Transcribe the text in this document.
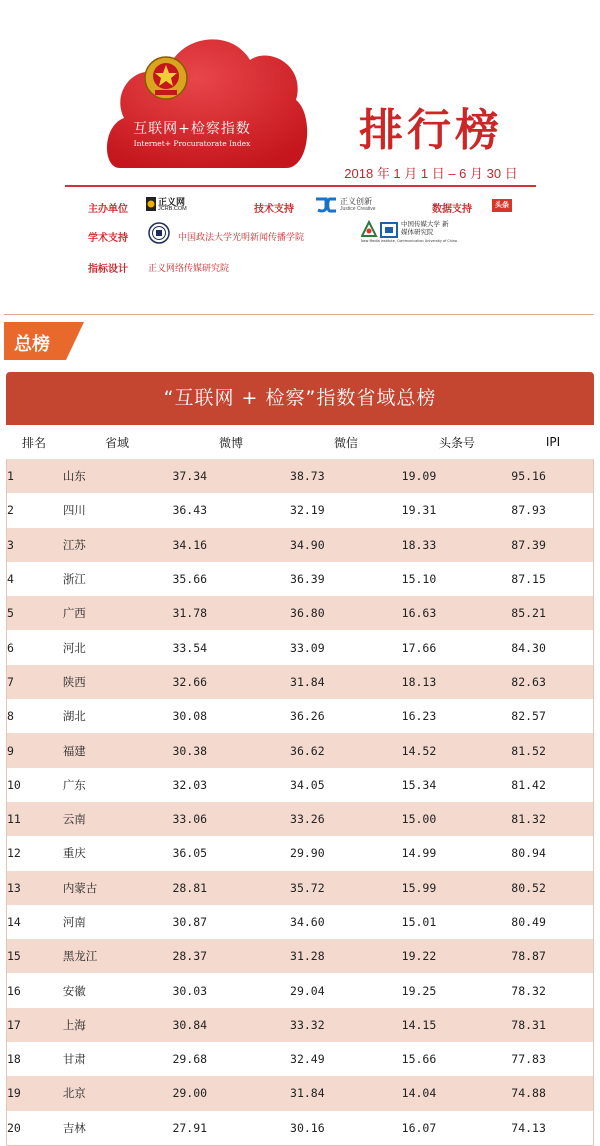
互联网+检察指数
Internet+ Procuratorate Index	排行榜
2018 年 1 月 1 日 – 6 月 30 日
主办单位
正义网
JCRB.COM	技术支持
正义创新
Justice Creative	数据支持	头条
学术支持	中国政法大学光明新闻传播学院
中国传媒大学 新媒体研究院
New Media Institute, Communication University of China
指标设计 正义网络传媒研究院
总榜
“互联网 + 检察”指数省域总榜
排名	省域	微博	微信	头条号	IPI
1	山东	37.34	38.73	19.09	95.16
2	四川	36.43	32.19	19.31	87.93
3	江苏	34.16	34.90	18.33	87.39
4	浙江	35.66	36.39	15.10	87.15
5	广西	31.78	36.80	16.63	85.21
6	河北	33.54	33.09	17.66	84.30
7	陕西	32.66	31.84	18.13	82.63
8	湖北	30.08	36.26	16.23	82.57
9	福建	30.38	36.62	14.52	81.52
10	广东	32.03	34.05	15.34	81.42
11	云南	33.06	33.26	15.00	81.32
12	重庆	36.05	29.90	14.99	80.94
13	内蒙古	28.81	35.72	15.99	80.52
14	河南	30.87	34.60	15.01	80.49
15	黑龙江	28.37	31.28	19.22	78.87
16	安徽	30.03	29.04	19.25	78.32
17	上海	30.84	33.32	14.15	78.31
18	甘肃	29.68	32.49	15.66	77.83
19	北京	29.00	31.84	14.04	74.88
20	吉林	27.91	30.16	16.07	74.13
